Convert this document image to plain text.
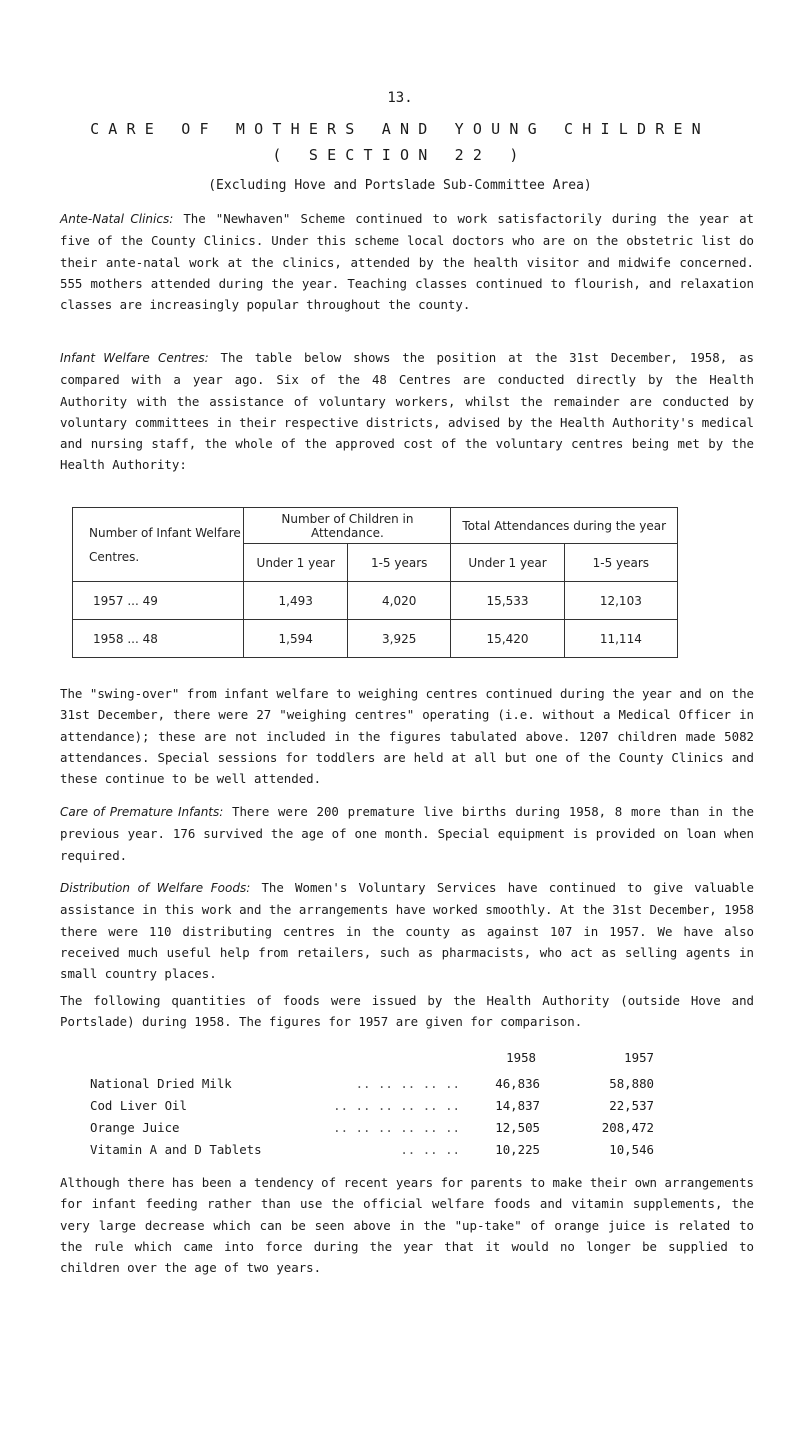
13.
CARE OF MOTHERS AND YOUNG CHILDREN
( SECTION 22 )
(Excluding Hove and Portslade Sub-Committee Area)

Ante-Natal Clinics: The "Newhaven" Scheme continued to work satisfactorily during the year at five of the County Clinics. Under this scheme local doctors who are on the obstetric list do their ante-natal work at the clinics, attended by the health visitor and midwife concerned. 555 mothers attended during the year. Teaching classes continued to flourish, and relaxation classes are increasingly popular throughout the county.

Infant Welfare Centres: The table below shows the position at the 31st December, 1958, as compared with a year ago. Six of the 48 Centres are conducted directly by the Health Authority with the assistance of voluntary workers, whilst the remainder are conducted by voluntary committees in their respective districts, advised by the Health Authority's medical and nursing staff, the whole of the approved cost of the voluntary centres being met by the Health Authority:

Number of Infant Welfare Centres.	Number of Children in Attendance.		Total Attendances during the year	
	Under 1 year	1-5 years	Under 1 year	1-5 years
1957 ... 49	1,493	4,020	15,533	12,103
1958 ... 48	1,594	3,925	15,420	11,114

The "swing-over" from infant welfare to weighing centres continued during the year and on the 31st December, there were 27 "weighing centres" operating (i.e. without a Medical Officer in attendance); these are not included in the figures tabulated above. 1207 children made 5082 attendances. Special sessions for toddlers are held at all but one of the County Clinics and these continue to be well attended.

Care of Premature Infants: There were 200 premature live births during 1958, 8 more than in the previous year. 176 survived the age of one month. Special equipment is provided on loan when required.

Distribution of Welfare Foods: The Women's Voluntary Services have continued to give valuable assistance in this work and the arrangements have worked smoothly. At the 31st December, 1958 there were 110 distributing centres in the county as against 107 in 1957. We have also received much useful help from retailers, such as pharmacists, who act as selling agents in small country places.

The following quantities of foods were issued by the Health Authority (outside Hove and Portslade) during 1958. The figures for 1957 are given for comparison.

1958	1957
National Dried Milk	.. .. .. .. ..	46,836	58,880
Cod Liver Oil	.. .. .. .. .. ..	14,837	22,537
Orange Juice	.. .. .. .. .. ..	12,505	208,472
Vitamin A and D Tablets	.. .. ..	10,225	10,546

Although there has been a tendency of recent years for parents to make their own arrangements for infant feeding rather than use the official welfare foods and vitamin supplements, the very large decrease which can be seen above in the "up-take" of orange juice is related to the rule which came into force during the year that it would no longer be supplied to children over the age of two years.
